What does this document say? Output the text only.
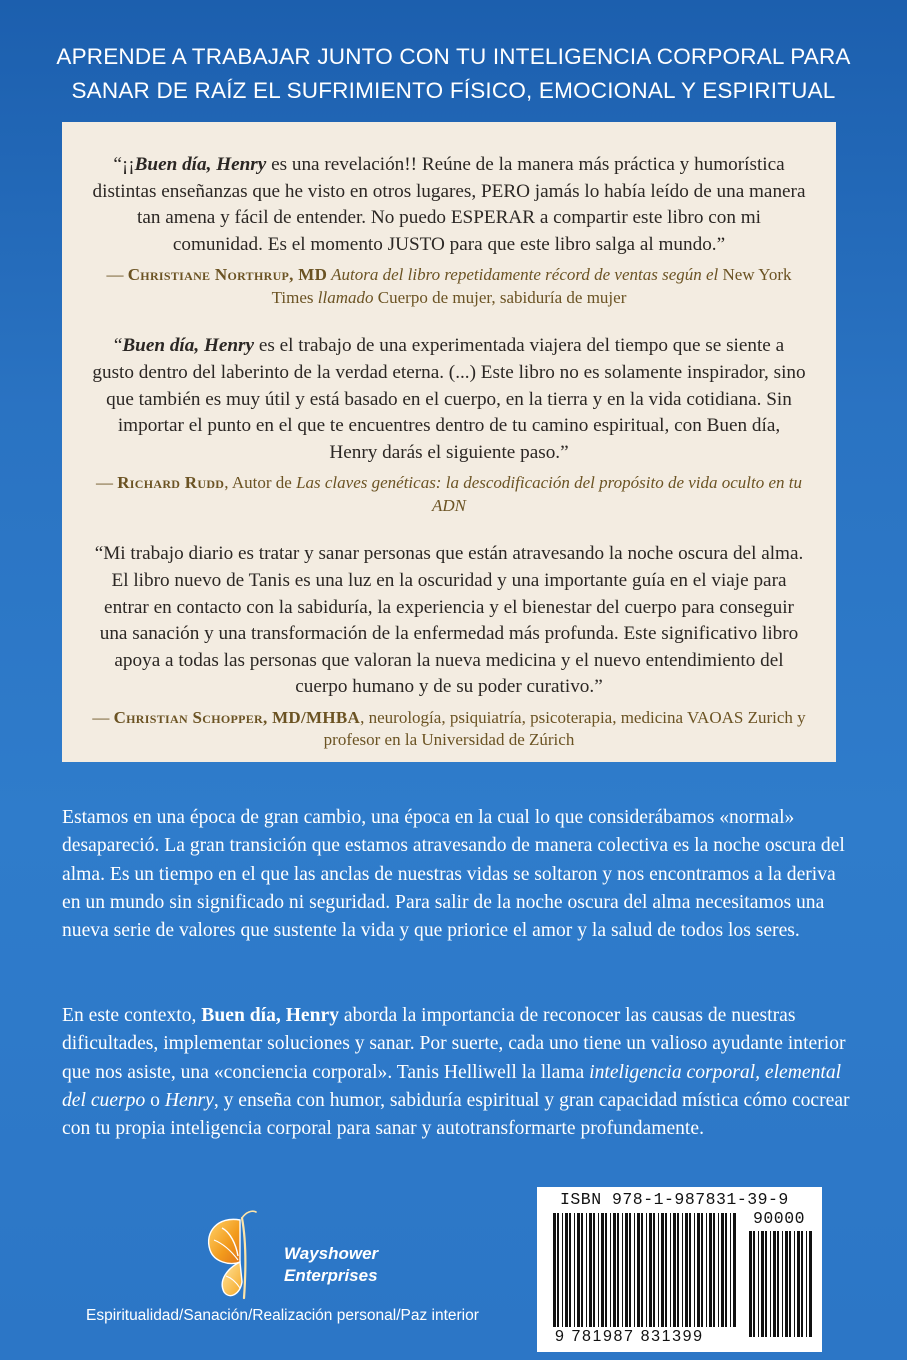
APRENDE A TRABAJAR JUNTO CON TU INTELIGENCIA CORPORAL PARA
SANAR DE RAÍZ EL SUFRIMIENTO FÍSICO, EMOCIONAL Y ESPIRITUAL
“¡¡Buen día, Henry es una revelación!! Reúne de la manera más práctica y humorística distintas enseñanzas que he visto en otros lugares, PERO jamás lo había leído de una manera tan amena y fácil de entender. No puedo ESPERAR a compartir este libro con mi comunidad. Es el momento JUSTO para que este libro salga al mundo.”
— Christiane Northrup, MD Autora del libro repetidamente récord de ventas según el New York Times llamado Cuerpo de mujer, sabiduría de mujer
“Buen día, Henry es el trabajo de una experimentada viajera del tiempo que se siente a gusto dentro del laberinto de la verdad eterna. (...) Este libro no es solamente inspirador, sino que también es muy útil y está basado en el cuerpo, en la tierra y en la vida cotidiana. Sin importar el punto en el que te encuentres dentro de tu camino espiritual, con Buen día, Henry darás el siguiente paso.”
— Richard Rudd, Autor de Las claves genéticas: la descodificación del propósito de vida oculto en tu ADN
“Mi trabajo diario es tratar y sanar personas que están atravesando la noche oscura del alma. El libro nuevo de Tanis es una luz en la oscuridad y una importante guía en el viaje para entrar en contacto con la sabiduría, la experiencia y el bienestar del cuerpo para conseguir una sanación y una transformación de la enfermedad más profunda. Este significativo libro apoya a todas las personas que valoran la nueva medicina y el nuevo entendimiento del cuerpo humano y de su poder curativo.”
— Christian Schopper, MD/MHBA, neurología, psiquiatría, psicoterapia, medicina VAOAS Zurich y profesor en la Universidad de Zúrich
Estamos en una época de gran cambio, una época en la cual lo que considerábamos «normal» desapareció. La gran transición que estamos atravesando de manera colectiva es la noche oscura del alma. Es un tiempo en el que las anclas de nuestras vidas se soltaron y nos encontramos a la deriva en un mundo sin significado ni seguridad. Para salir de la noche oscura del alma necesitamos una nueva serie de valores que sustente la vida y que priorice el amor y la salud de todos los seres.
En este contexto, Buen día, Henry aborda la importancia de reconocer las causas de nuestras dificultades, implementar soluciones y sanar. Por suerte, cada uno tiene un valioso ayudante interior que nos asiste, una «conciencia corporal». Tanis Helliwell la llama inteligencia corporal, elemental del cuerpo o Henry, y enseña con humor, sabiduría espiritual y gran capacidad mística cómo cocrear con tu propia inteligencia corporal para sanar y autotransformarte profundamente.
Wayshower
Enterprises
Espiritualidad/Sanación/Realización personal/Paz interior
ISBN 978-1-987831-39-9
90000
9 781987 831399
